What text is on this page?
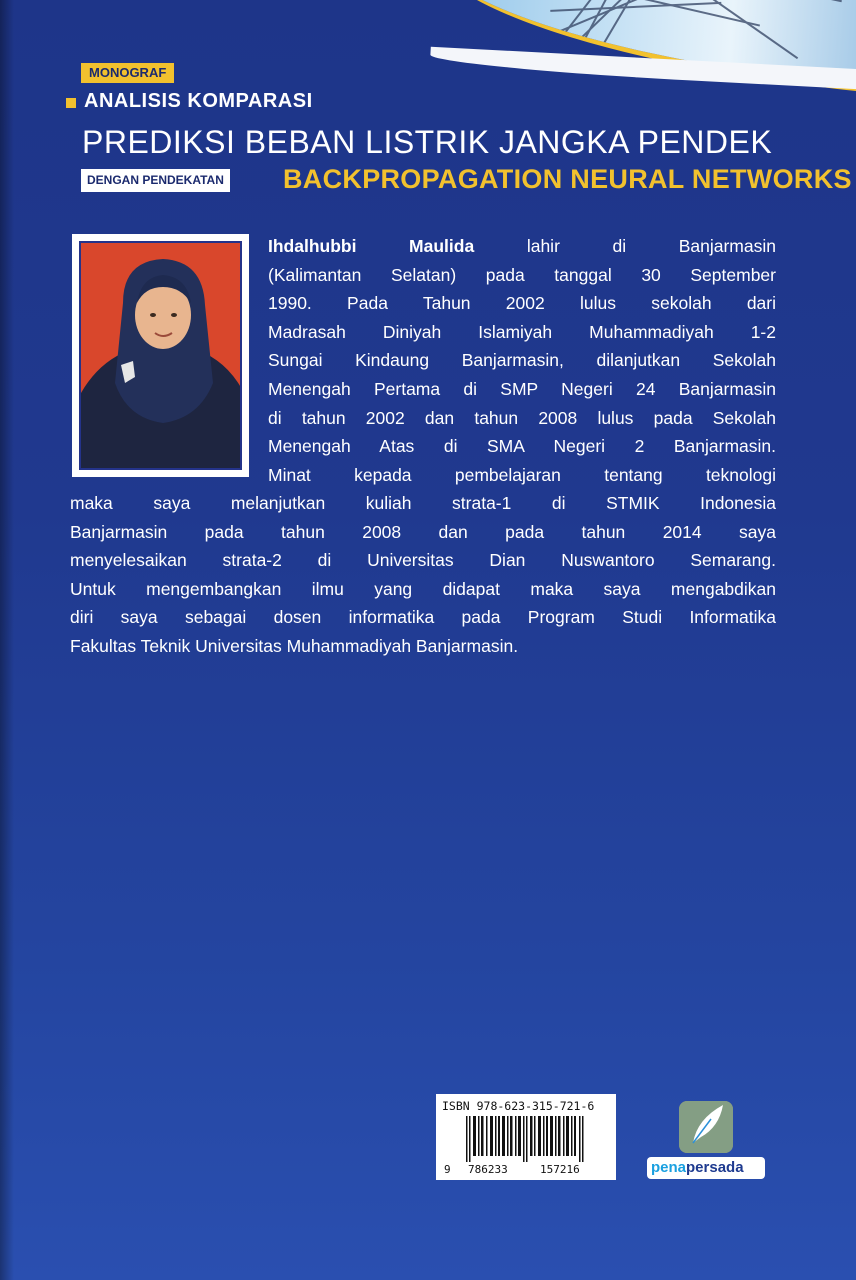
MONOGRAF
ANALISIS KOMPARASI
PREDIKSI BEBAN LISTRIK JANGKA PENDEK
DENGAN PENDEKATAN BACKPROPAGATION NEURAL NETWORKS
Ihdalhubbi Maulida	lahir di Banjarmasin
(Kalimantan Selatan) pada tanggal 30 September
1990. Pada Tahun 2002 lulus sekolah dari
Madrasah Diniyah Islamiyah Muhammadiyah 1-2
Sungai Kindaung Banjarmasin, dilanjutkan Sekolah
Menengah Pertama di SMP Negeri 24 Banjarmasin
di tahun 2002 dan tahun 2008 lulus pada Sekolah
Menengah Atas di SMA Negeri 2 Banjarmasin.
Minat kepada pembelajaran tentang teknologi
maka saya melanjutkan kuliah strata-1 di STMIK Indonesia
Banjarmasin pada tahun 2008 dan pada tahun 2014 saya
menyelesaikan strata-2 di Universitas Dian Nuswantoro Semarang.
Untuk mengembangkan ilmu yang didapat maka saya mengabdikan
diri saya sebagai dosen informatika pada Program Studi Informatika
Fakultas Teknik Universitas Muhammadiyah Banjarmasin.
ISBN 978-623-315-721-6
9 786233	157216	penapersada
